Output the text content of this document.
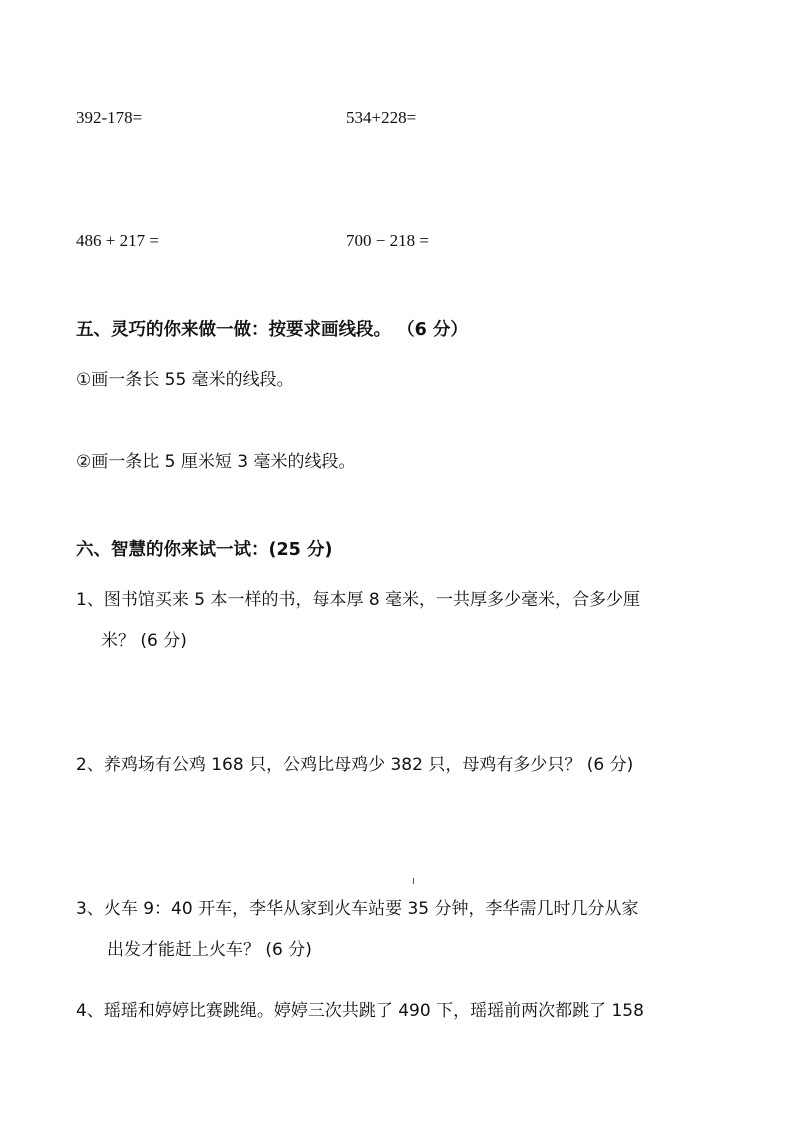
392-178=	534+228=
486 + 217 =	700 − 218 =
五、灵巧的你来做一做：按要求画线段。 （6 分）
①画一条长 55 毫米的线段。
②画一条比 5 厘米短 3 毫米的线段。
六、智慧的你来试一试：(25 分)
1、图书馆买来 5 本一样的书，每本厚 8 毫米，一共厚多少毫米，合多少厘
米？ (6 分)
2、养鸡场有公鸡 168 只，公鸡比母鸡少 382 只，母鸡有多少只？ (6 分)
3、火车 9：40 开车，李华从家到火车站要 35 分钟，李华需几时几分从家
出发才能赶上火车？ (6 分)
4、瑶瑶和婷婷比赛跳绳。婷婷三次共跳了 490 下，瑶瑶前两次都跳了 158
